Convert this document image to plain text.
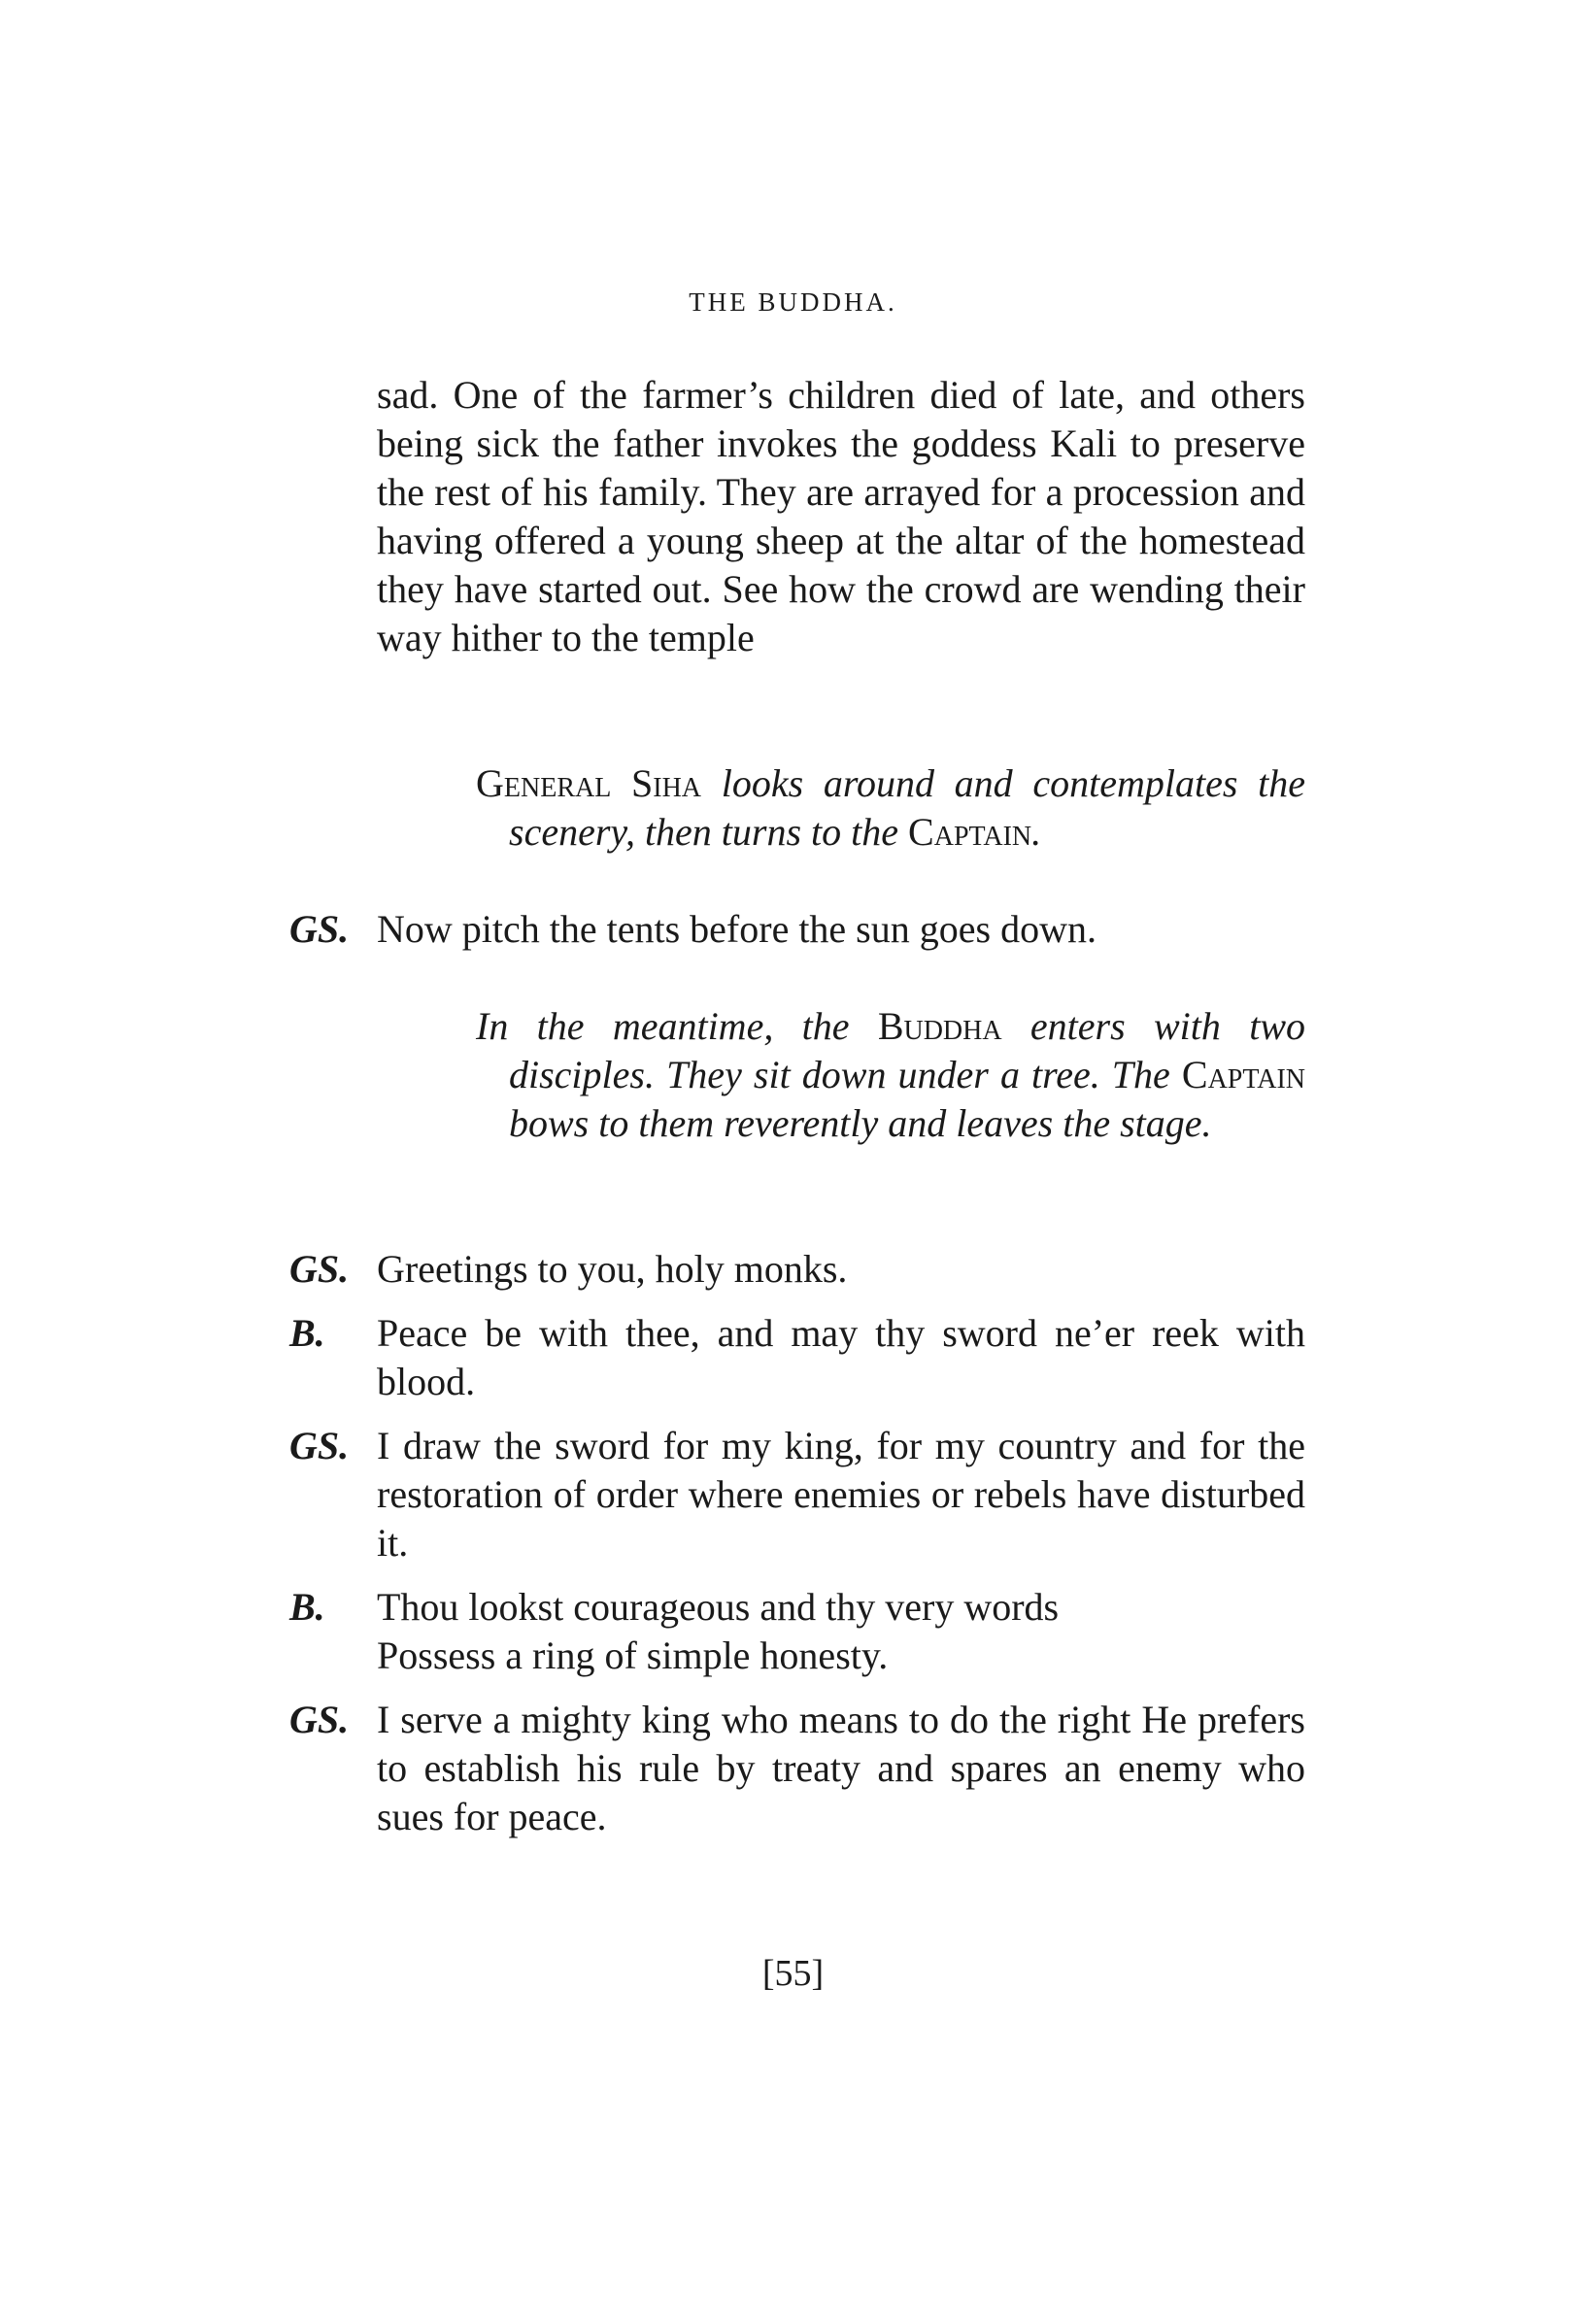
THE BUDDHA.

sad. One of the farmer’s children died of late, and others being sick the father invokes the goddess Kali to preserve the rest of his family. They are arrayed for a procession and having offered a young sheep at the altar of the homestead they have started out. See how the crowd are wending their way hither to the temple

General Siha looks around and contemplates the scenery, then turns to the Captain.

GS. Now pitch the tents before the sun goes down.

In the meantime, the Buddha enters with two disciples. They sit down under a tree. The Captain bows to them reverently and leaves the stage.

GS. Greetings to you, holy monks.
B. Peace be with thee, and may thy sword ne’er reek with blood.
GS. I draw the sword for my king, for my country and for the restoration of order where enemies or rebels have disturbed it.
B. Thou lookst courageous and thy very words
Possess a ring of simple honesty.
GS. I serve a mighty king who means to do the right He prefers to establish his rule by treaty and spares an enemy who sues for peace.
[55]
